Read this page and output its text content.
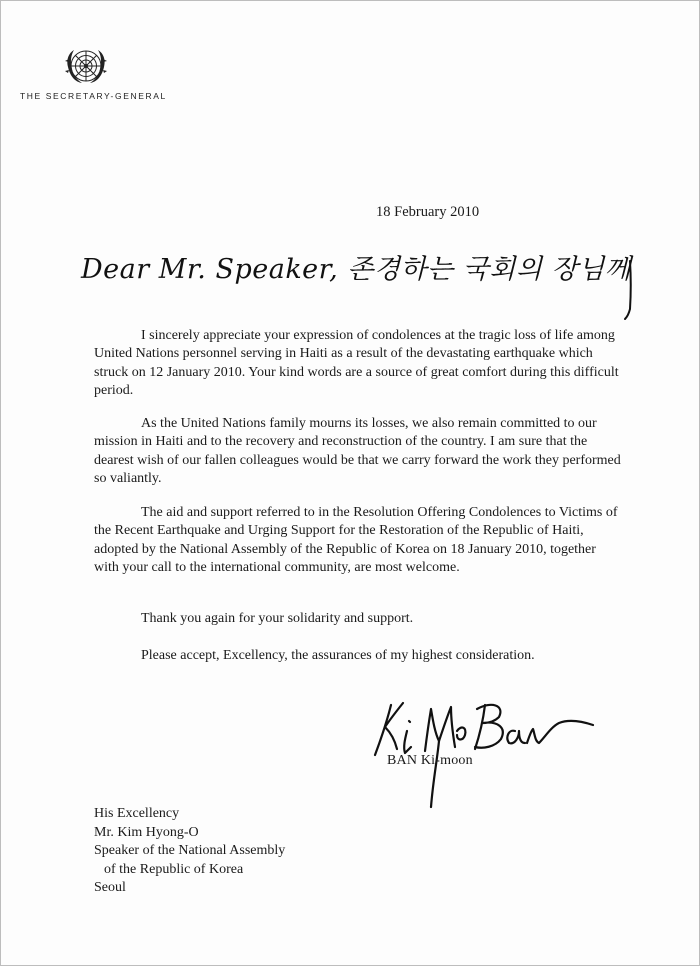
THE SECRETARY-GENERAL
18 February 2010
Dear Mr. Speaker, 존경하는 국회의 장님께

I sincerely appreciate your expression of condolences at the tragic loss of life among United Nations personnel serving in Haiti as a result of the devastating earthquake which struck on 12 January 2010. Your kind words are a source of great comfort during this difficult period.

As the United Nations family mourns its losses, we also remain committed to our mission in Haiti and to the recovery and reconstruction of the country. I am sure that the dearest wish of our fallen colleagues would be that we carry forward the work they performed so valiantly.

The aid and support referred to in the Resolution Offering Condolences to Victims of the Recent Earthquake and Urging Support for the Restoration of the Republic of Haiti, adopted by the National Assembly of the Republic of Korea on 18 January 2010, together with your call to the international community, are most welcome.

Thank you again for your solidarity and support.
Please accept, Excellency, the assurances of my highest consideration.
BAN Ki-moon
His Excellency
Mr. Kim Hyong-O
Speaker of the National Assembly
of the Republic of Korea
Seoul
